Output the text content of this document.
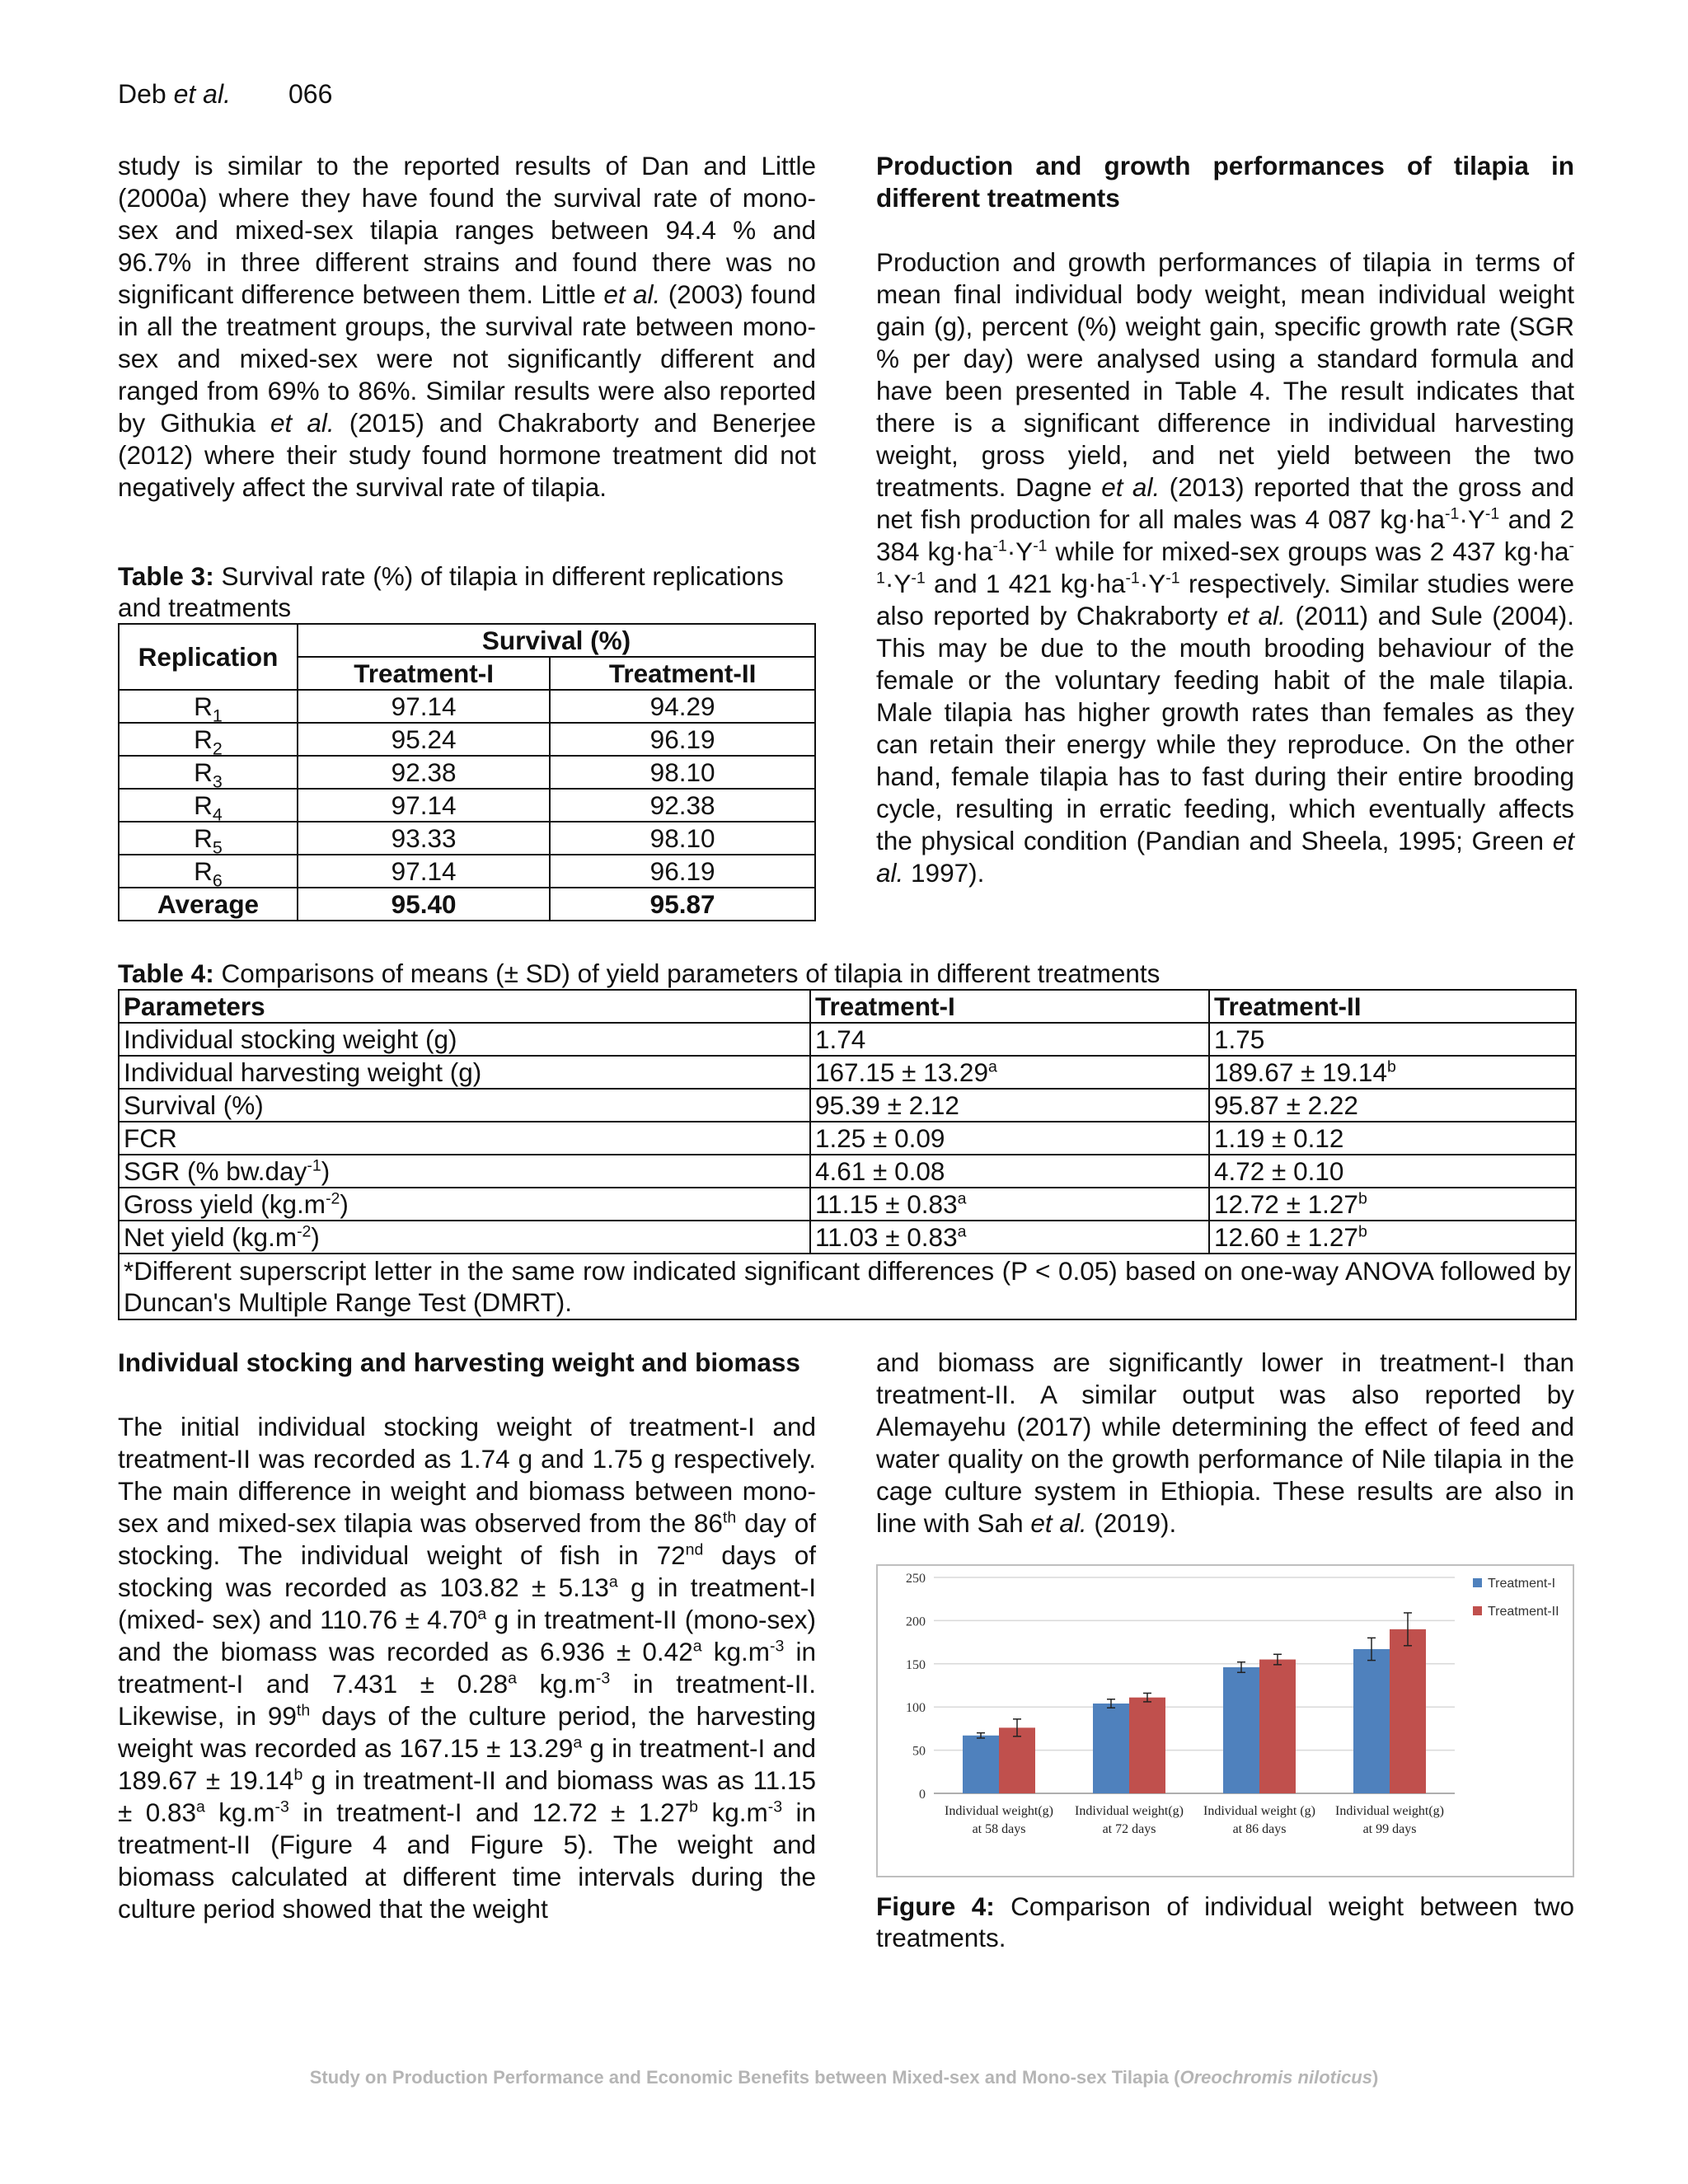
Deb et al. 066

study is similar to the reported results of Dan and Little (2000a) where they have found the survival rate of mono-sex and mixed-sex tilapia ranges between 94.4 % and 96.7% in three different strains and found there was no significant difference between them. Little et al. (2003) found in all the treatment groups, the survival rate between mono-sex and mixed-sex were not significantly different and ranged from 69% to 86%. Similar results were also reported by Githukia et al. (2015) and Chakraborty and Benerjee (2012) where their study found hormone treatment did not negatively affect the survival rate of tilapia.

Table 3: Survival rate (%) of tilapia in different replications and treatments
Replication	Survival (%)	
	Treatment-I	Treatment-II
$R_1$	97.14	94.29
$R_2$	95.24	96.19
$R_3$	92.38	98.10
$R_4$	97.14	92.38
$R_5$	93.33	98.10
$R_6$	97.14	96.19
Average	95.40	95.87

Production and growth performances of tilapia in different treatments

Production and growth performances of tilapia in terms of mean final individual body weight, mean individual weight gain (g), percent (%) weight gain, specific growth rate (SGR % per day) were analysed using a standard formula and have been presented in Table 4. The result indicates that there is a significant difference in individual harvesting weight, gross yield, and net yield between the two treatments. Dagne et al. (2013) reported that the gross and net fish production for all males was 4 087 $kg\cdot ha^{-1}\cdot Y^{-1}$ and 2 384 $kg\cdot ha^{-1}\cdot Y^{-1}$ while for mixed-sex groups was 2 437 $kg\cdot ha^{-1}\cdot Y^{-1}$ and 1 421 $kg\cdot ha^{-1}\cdot Y^{-1}$ respectively. Similar studies were also reported by Chakraborty et al. (2011) and Sule (2004). This may be due to the mouth brooding behaviour of the female or the voluntary feeding habit of the male tilapia. Male tilapia has higher growth rates than females as they can retain their energy while they reproduce. On the other hand, female tilapia has to fast during their entire brooding cycle, resulting in erratic feeding, which eventually affects the physical condition (Pandian and Sheela, 1995; Green et al. 1997).

Table 4: Comparisons of means (± SD) of yield parameters of tilapia in different treatments
Parameters	Treatment-I	Treatment-II
Individual stocking weight (g)	1.74	1.75
Individual harvesting weight (g)	167.15 ± 13.29$^a$	189.67 ± 19.14$^b$
Survival (%)	95.39 ± 2.12	95.87 ± 2.22
FCR	1.25 ± 0.09	1.19 ± 0.12
SGR (% bw.day$^{-1}$)	4.61 ± 0.08	4.72 ± 0.10
Gross yield $(kg.m^{-2})$	11.15 ± 0.83$^a$	12.72 ± 1.27$^b$
Net yield $(kg.m^{-2})$	11.03 ± 0.83$^a$	12.60 ± 1.27$^b$
*Different superscript letter in the same row indicated significant differences (P < 0.05) based on one-way ANOVA followed by Duncan's Multiple Range Test (DMRT).		

Individual stocking and harvesting weight and biomass

The initial individual stocking weight of treatment-I and treatment-II was recorded as 1.74 g and 1.75 g respectively. The main difference in weight and biomass between mono-sex and mixed-sex tilapia was observed from the 86th day of stocking. The individual weight of fish in 72nd days of stocking was recorded as 103.82 ± 5.13$^a$ g in treatment-I (mixed- sex) and 110.76 ± 4.70$^a$ g in treatment-II (mono-sex) and the biomass was recorded as 6.936 ± 0.42$^a$ $kg.m^{-3}$ in treatment-I and 7.431 ± 0.28$^a$ $kg.m^{-3}$ in treatment-II. Likewise, in 99th days of the culture period, the harvesting weight was recorded as 167.15 ± 13.29$^a$ g in treatment-I and 189.67 ± 19.14$^b$ g in treatment-II and biomass was as 11.15 ± 0.83$^a$ $kg.m^{-3}$ in treatment-I and 12.72 ± 1.27$^b$ $kg.m^{-3}$ in treatment-II (Figure 4 and Figure 5). The weight and biomass calculated at different time intervals during the culture period showed that the weight

and biomass are significantly lower in treatment-I than treatment-II. A similar output was also reported by Alemayehu (2017) while determining the effect of feed and water quality on the growth performance of Nile tilapia in the cage culture system in Ethiopia. These results are also in line with Sah et al. (2019).

0
50
100
150
200
250
Individual weight(g)
at 58 days
Individual weight(g)
at 72 days
Individual weight (g)
at 86 days
Individual weight(g)
at 99 days
Treatment-I
Treatment-II
Figure 4: Comparison of individual weight between two treatments.
Study on Production Performance and Economic Benefits between Mixed-sex and Mono-sex Tilapia (Oreochromis niloticus)
